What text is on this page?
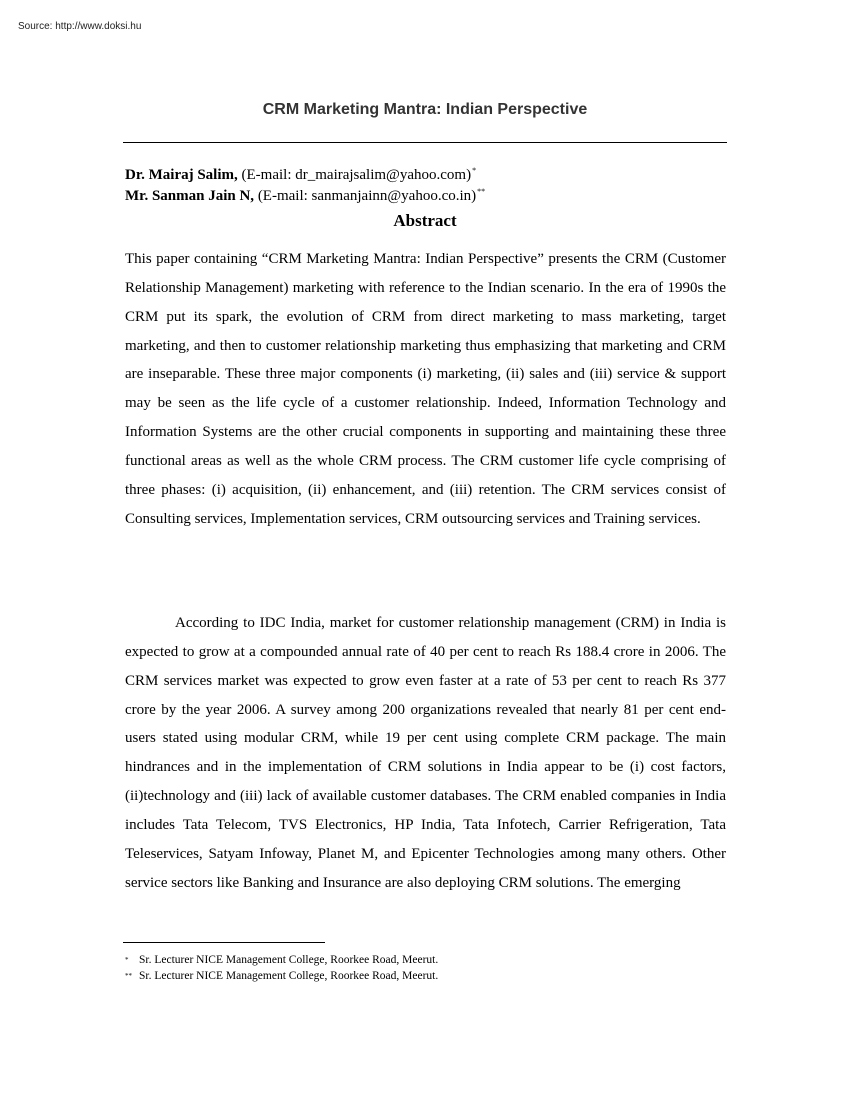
Source: http://www.doksi.hu
CRM Marketing Mantra: Indian Perspective
Dr. Mairaj Salim, (E-mail: dr_mairajsalim@yahoo.com)*
Mr. Sanman Jain N, (E-mail: sanmanjainn@yahoo.co.in)**
Abstract

This paper containing “CRM Marketing Mantra: Indian Perspective” presents the CRM (Customer Relationship Management) marketing with reference to the Indian scenario. In the era of 1990s the CRM put its spark, the evolution of CRM from direct marketing to mass marketing, target marketing, and then to customer relationship marketing thus emphasizing that marketing and CRM are inseparable. These three major components (i) marketing, (ii) sales and (iii) service & support may be seen as the life cycle of a customer relationship. Indeed, Information Technology and Information Systems are the other crucial components in supporting and maintaining these three functional areas as well as the whole CRM process. The CRM customer life cycle comprising of three phases: (i) acquisition, (ii) enhancement, and (iii) retention. The CRM services consist of Consulting services, Implementation services, CRM outsourcing services and Training services.

According to IDC India, market for customer relationship management (CRM) in India is expected to grow at a compounded annual rate of 40 per cent to reach Rs 188.4 crore in 2006. The CRM services market was expected to grow even faster at a rate of 53 per cent to reach Rs 377 crore by the year 2006. A survey among 200 organizations revealed that nearly 81 per cent end-users stated using modular CRM, while 19 per cent using complete CRM package. The main hindrances and in the implementation of CRM solutions in India appear to be (i) cost factors, (ii)technology and (iii) lack of available customer databases. The CRM enabled companies in India includes Tata Telecom, TVS Electronics, HP India, Tata Infotech, Carrier Refrigeration, Tata Teleservices, Satyam Infoway, Planet M, and Epicenter Technologies among many others. Other service sectors like Banking and Insurance are also deploying CRM solutions. The emerging

* Sr. Lecturer NICE Management College, Roorkee Road, Meerut.
** Sr. Lecturer NICE Management College, Roorkee Road, Meerut.
